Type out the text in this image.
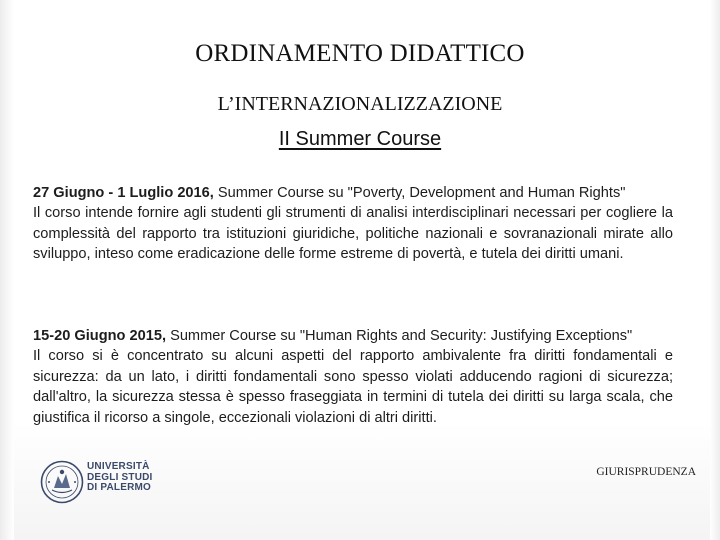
ORDINAMENTO DIDATTICO
L’INTERNAZIONALIZZAZIONE
II Summer Course

27 Giugno - 1 Luglio 2016, Summer Course su "Poverty, Development and Human Rights"

Il corso intende fornire agli studenti gli strumenti di analisi interdisciplinari necessari per cogliere la complessità del rapporto tra istituzioni giuridiche, politiche nazionali e sovranazionali mirate allo sviluppo, inteso come eradicazione delle forme estreme di povertà, e tutela dei diritti umani.

15-20 Giugno 2015, Summer Course su "Human Rights and Security: Justifying Exceptions"

Il corso si è concentrato su alcuni aspetti del rapporto ambivalente fra diritti fondamentali e sicurezza: da un lato, i diritti fondamentali sono spesso violati adducendo ragioni di sicurezza; dall'altro, la sicurezza stessa è spesso fraseggiata in termini di tutela dei diritti su larga scala, che giustifica il ricorso a singole, eccezionali violazioni di altri diritti.

UNIVERSITÀ
DEGLI STUDI
DI PALERMO
GIURISPRUDENZA
